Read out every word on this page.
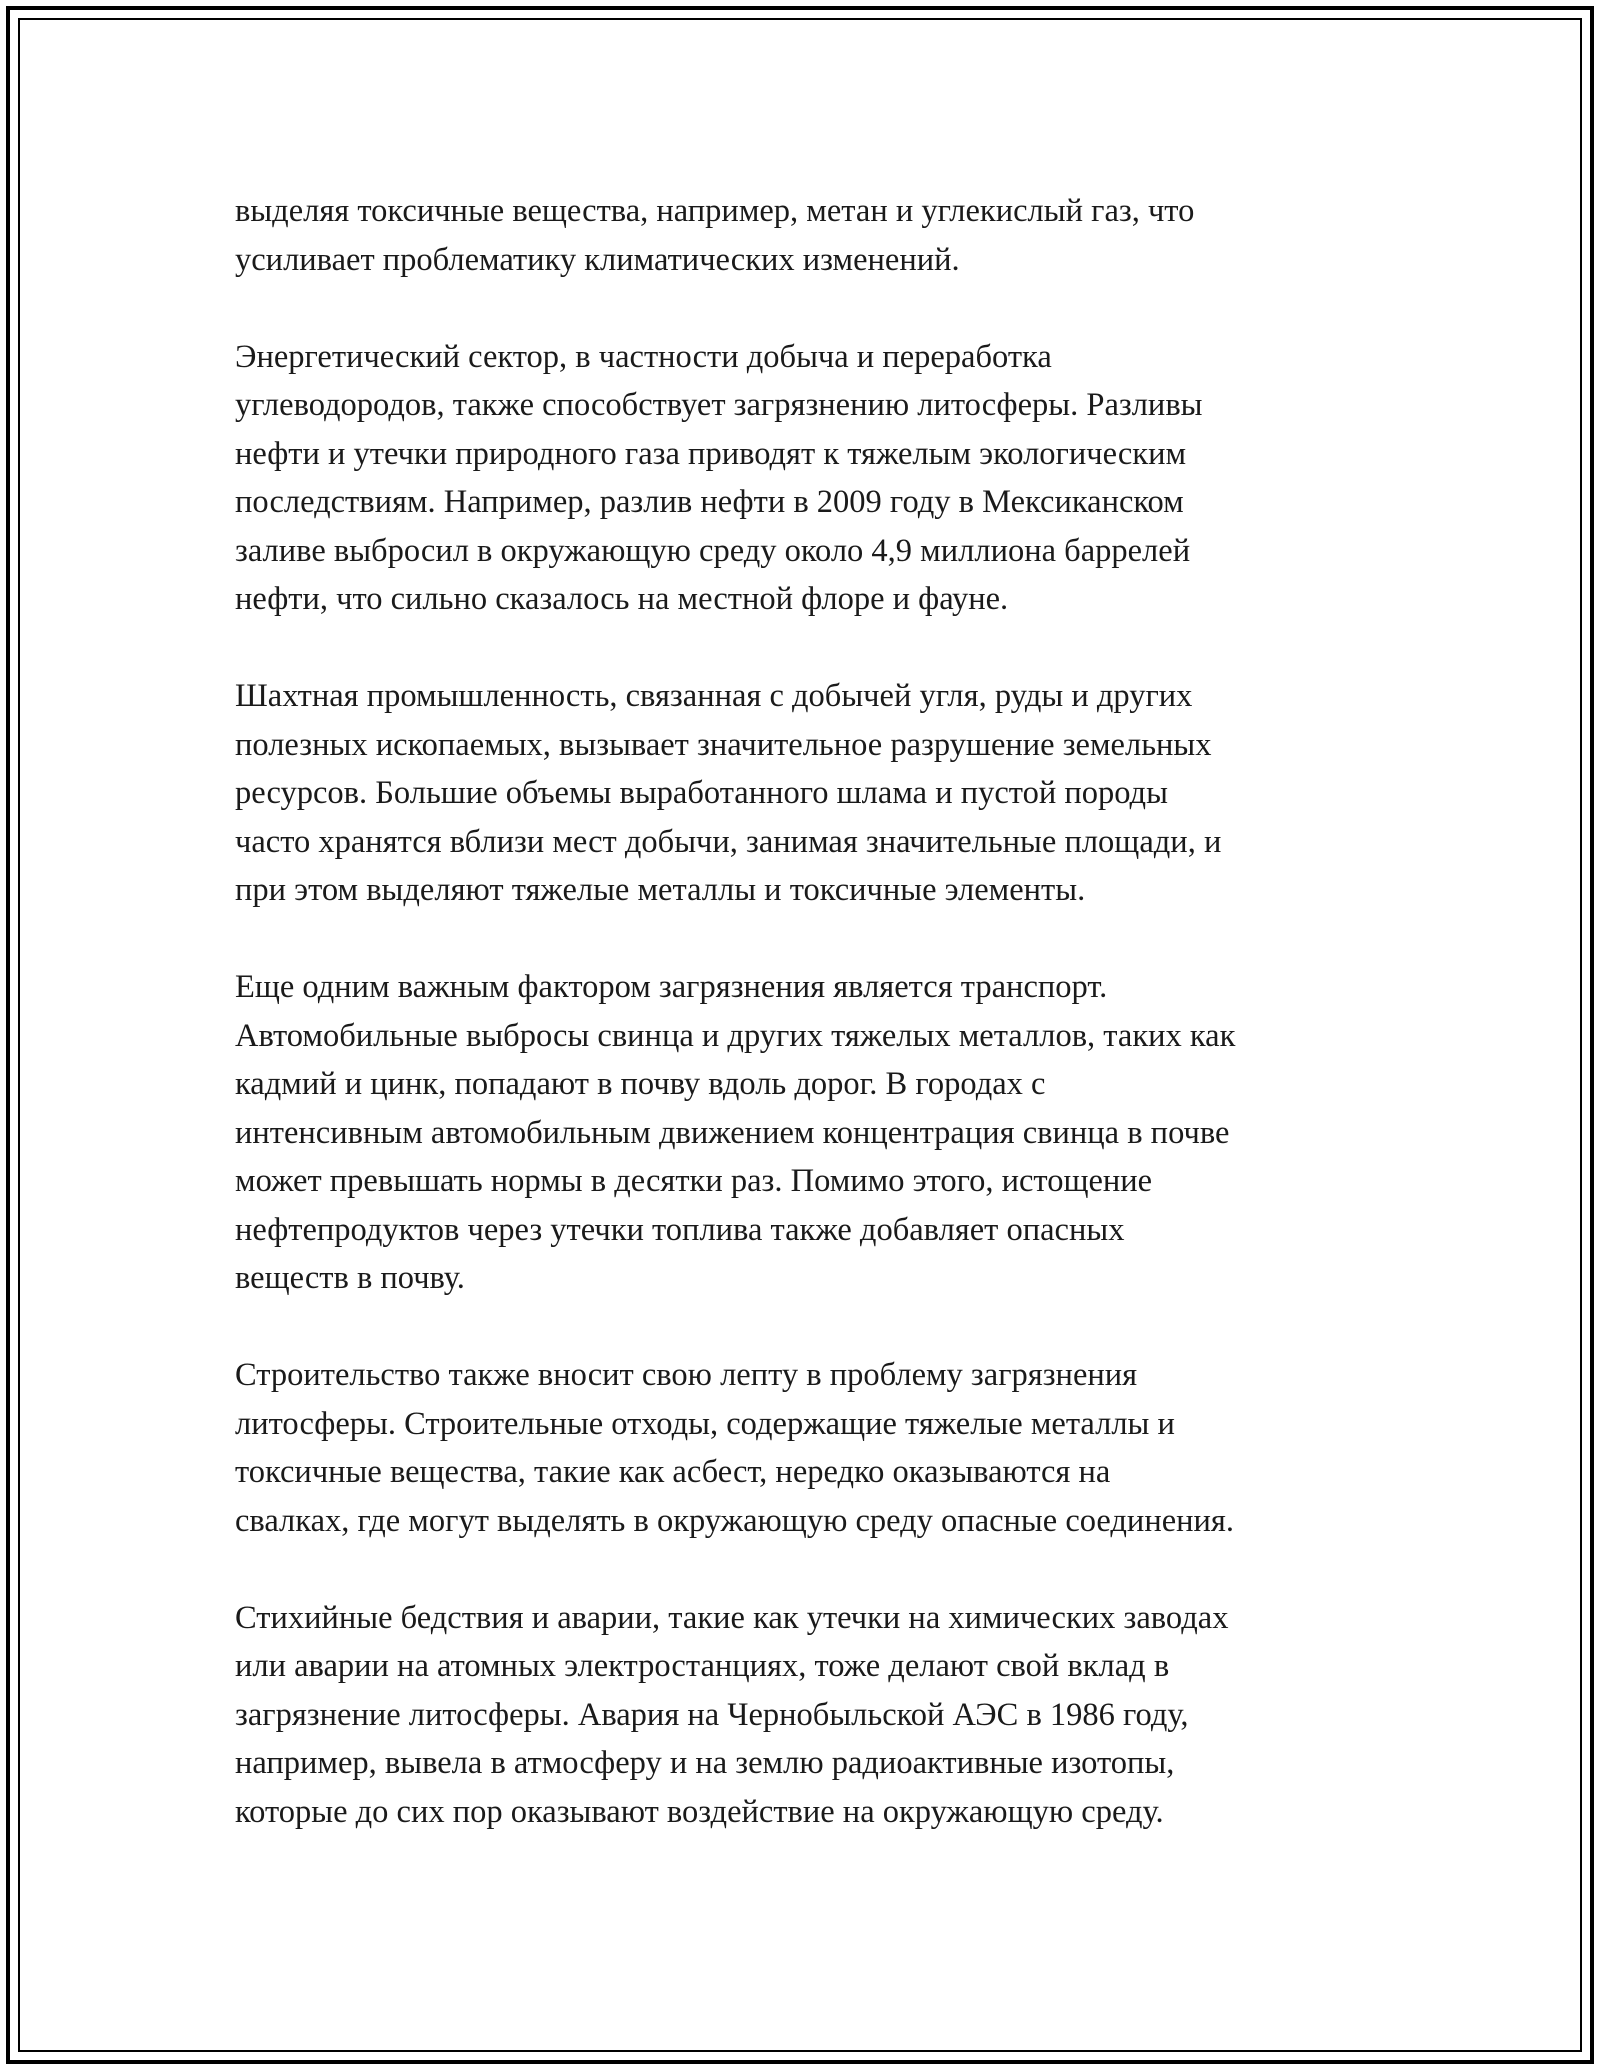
выделяя токсичные вещества, например, метан и углекислый газ, что
усиливает проблематику климатических изменений.

Энергетический сектор, в частности добыча и переработка
углеводородов, также способствует загрязнению литосферы. Разливы
нефти и утечки природного газа приводят к тяжелым экологическим
последствиям. Например, разлив нефти в 2009 году в Мексиканском
заливе выбросил в окружающую среду около 4,9 миллиона баррелей
нефти, что сильно сказалось на местной флоре и фауне.

Шахтная промышленность, связанная с добычей угля, руды и других
полезных ископаемых, вызывает значительное разрушение земельных
ресурсов. Большие объемы выработанного шлама и пустой породы
часто хранятся вблизи мест добычи, занимая значительные площади, и
при этом выделяют тяжелые металлы и токсичные элементы.

Еще одним важным фактором загрязнения является транспорт.
Автомобильные выбросы свинца и других тяжелых металлов, таких как
кадмий и цинк, попадают в почву вдоль дорог. В городах с
интенсивным автомобильным движением концентрация свинца в почве
может превышать нормы в десятки раз. Помимо этого, истощение
нефтепродуктов через утечки топлива также добавляет опасных
веществ в почву.

Строительство также вносит свою лепту в проблему загрязнения
литосферы. Строительные отходы, содержащие тяжелые металлы и
токсичные вещества, такие как асбест, нередко оказываются на
свалках, где могут выделять в окружающую среду опасные соединения.

Стихийные бедствия и аварии, такие как утечки на химических заводах
или аварии на атомных электростанциях, тоже делают свой вклад в
загрязнение литосферы. Авария на Чернобыльской АЭС в 1986 году,
например, вывела в атмосферу и на землю радиоактивные изотопы,
которые до сих пор оказывают воздействие на окружающую среду.
